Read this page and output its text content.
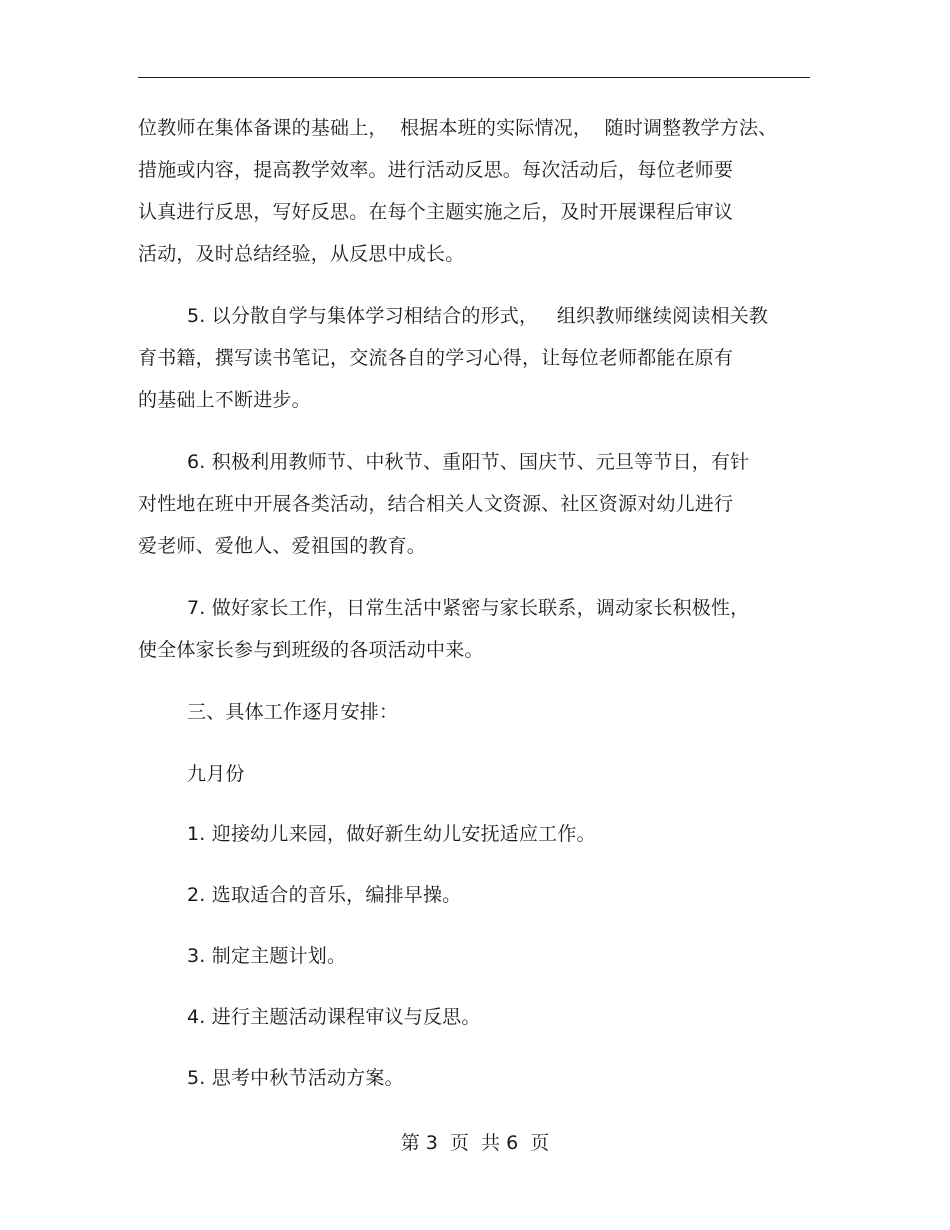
位教师在集体备课的基础上，  根据本班的实际情况，  随时调整教学方法、
措施或内容，提高教学效率。进行活动反思。每次活动后，每位老师要
认真进行反思，写好反思。在每个主题实施之后，及时开展课程后审议
活动，及时总结经验，从反思中成长。
5. 以分散自学与集体学习相结合的形式，   组织教师继续阅读相关教
育书籍，撰写读书笔记，交流各自的学习心得，让每位老师都能在原有
的基础上不断进步。
6. 积极利用教师节、中秋节、重阳节、国庆节、元旦等节日，有针
对性地在班中开展各类活动，结合相关人文资源、社区资源对幼儿进行
爱老师、爱他人、爱祖国的教育。
7. 做好家长工作，日常生活中紧密与家长联系，调动家长积极性，
使全体家长参与到班级的各项活动中来。
三、具体工作逐月安排：
九月份
1. 迎接幼儿来园，做好新生幼儿安抚适应工作。
2. 选取适合的音乐，编排早操。
3. 制定主题计划。
4. 进行主题活动课程审议与反思。
5. 思考中秋节活动方案。
第 3  页  共 6  页
